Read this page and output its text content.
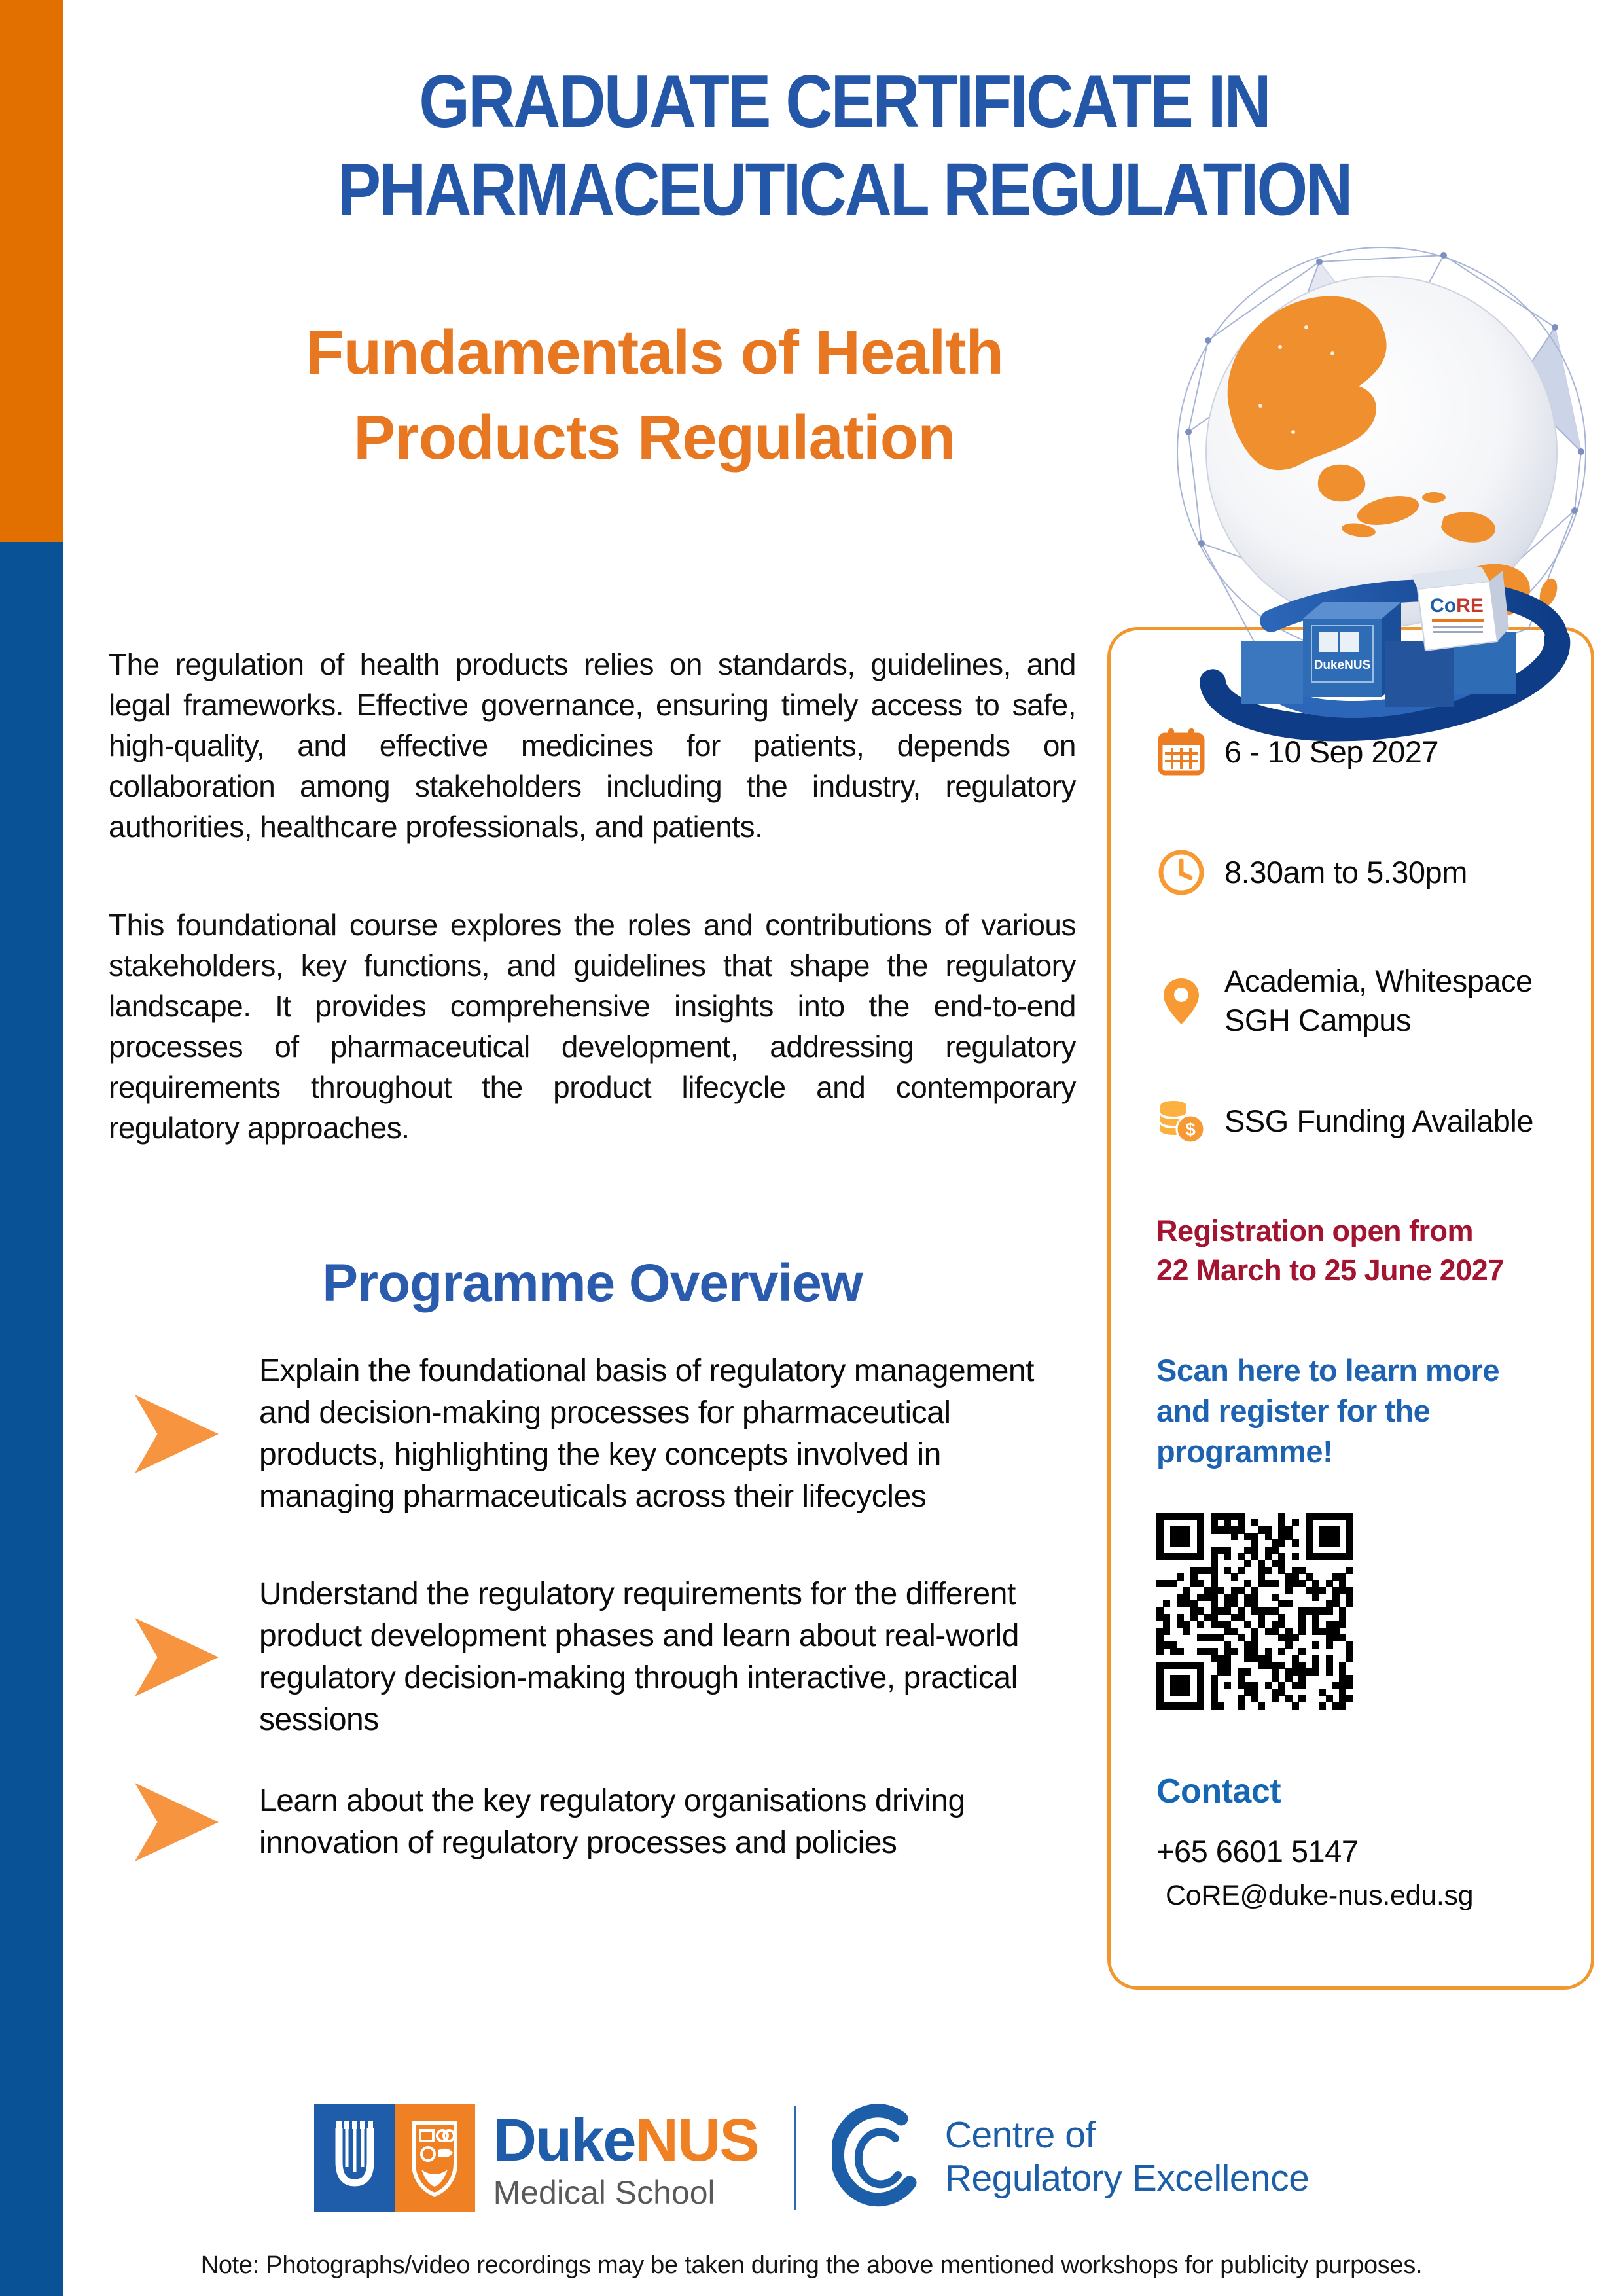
GRADUATE CERTIFICATE IN
PHARMACEUTICAL REGULATION
Fundamentals of Health Products Regulation

The regulation of health products relies on standards, guidelines, and legal frameworks. Effective governance, ensuring timely access to safe, high-quality, and effective medicines for patients, depends on collaboration among stakeholders including the industry, regulatory authorities, healthcare professionals, and patients.

This foundational course explores the roles and contributions of various stakeholders, key functions, and guidelines that shape the regulatory landscape. It provides comprehensive insights into the end-to-end processes of pharmaceutical development, addressing regulatory requirements throughout the product lifecycle and contemporary regulatory approaches.

Programme Overview
Explain the foundational basis of regulatory management and decision-making processes for pharmaceutical products, highlighting the key concepts involved in managing pharmaceuticals across their lifecycles
Understand the regulatory requirements for the different product development phases and learn about real-world regulatory decision-making through interactive, practical sessions
Learn about the key regulatory organisations driving innovation of regulatory processes and policies
6 - 10 Sep 2027
8.30am to 5.30pm
Academia, Whitespace SGH Campus
$ SSG Funding Available
Registration open from
22 March to 25 June 2027
Scan here to learn more and register for the programme!
Contact
+65 6601 5147
CoRE@duke-nus.edu.sg
DukeNUS
CoRE
DukeNUS
Medical School
Centre of
Regulatory Excellence
Note: Photographs/video recordings may be taken during the above mentioned workshops for publicity purposes.
